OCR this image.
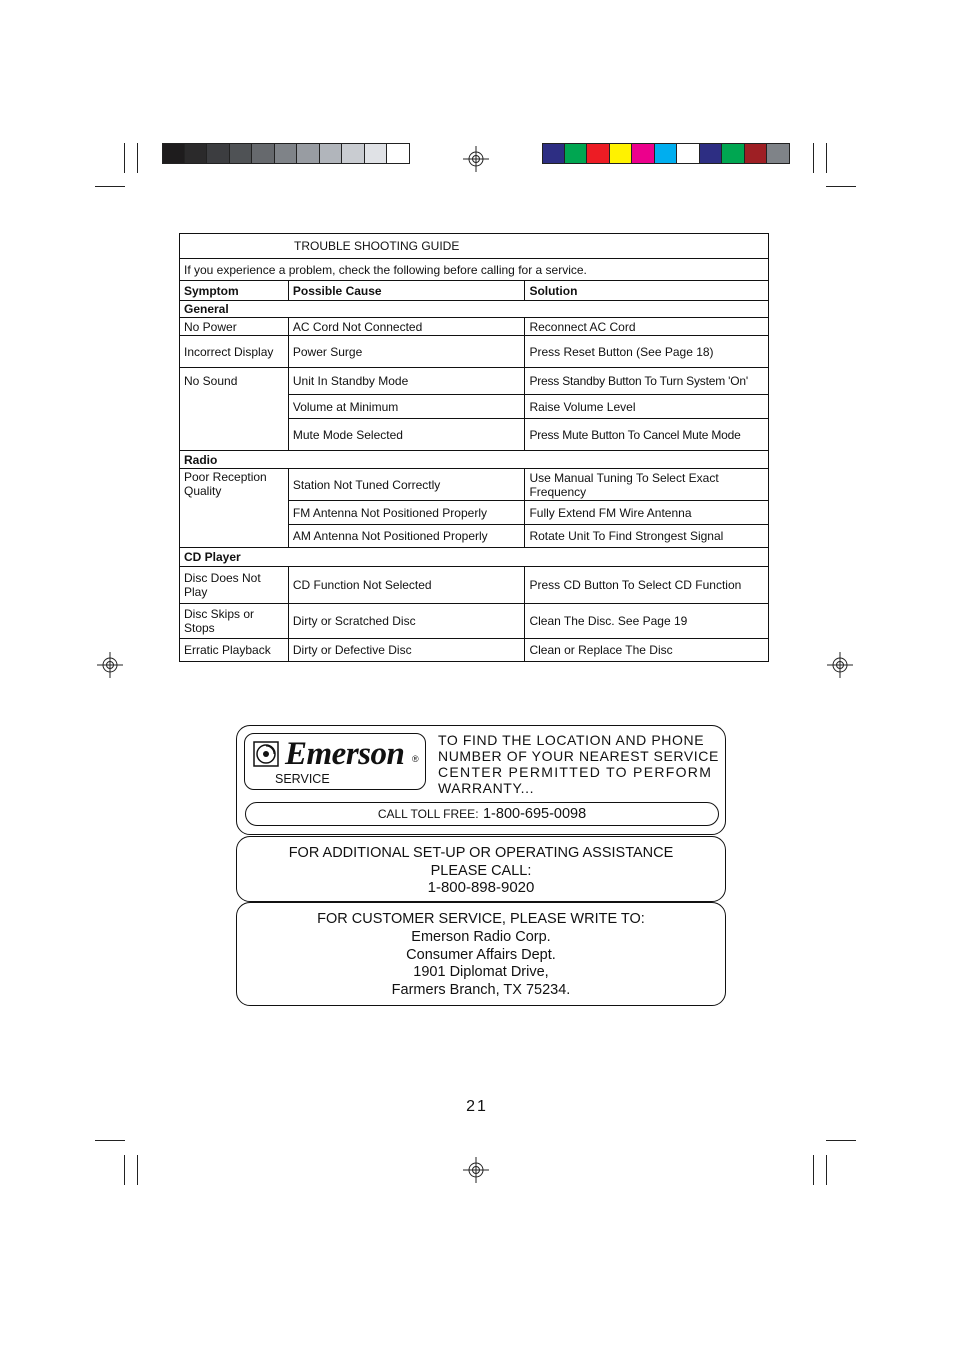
TROUBLE SHOOTING GUIDE		
If you experience a problem, check the following before calling for a service.		
Symptom	Possible Cause	Solution
General		
No Power	AC Cord Not Connected	Reconnect AC Cord
Incorrect Display	Power Surge	Press Reset Button (See Page 18)
No Sound	Unit In Standby Mode	Press Standby Button To Turn System 'On'
	Volume at Minimum	Raise Volume Level
	Mute Mode Selected	Press Mute Button To Cancel Mute Mode
Radio		
Poor Reception Quality	Station Not Tuned Correctly	Use Manual Tuning To Select Exact Frequency
	FM Antenna Not Positioned Properly	Fully Extend FM Wire Antenna
	AM Antenna Not Positioned Properly	Rotate Unit To Find Strongest Signal
CD Player		
Disc Does Not Play	CD Function Not Selected	Press CD Button To Select CD Function
Disc Skips or Stops	Dirty or Scratched Disc	Clean The Disc. See Page 19
Erratic Playback	Dirty or Defective Disc	Clean or Replace The Disc
Emerson ®
SERVICE
TO FIND THE LOCATION AND PHONE
NUMBER OF YOUR NEAREST SERVICE
CENTER PERMITTED TO PERFORM
WARRANTY...
CALL TOLL FREE: 1-800-695-0098
FOR ADDITIONAL SET-UP OR OPERATING ASSISTANCE
PLEASE CALL:
1-800-898-9020
FOR CUSTOMER SERVICE, PLEASE WRITE TO:
Emerson Radio Corp.
Consumer Affairs Dept.
1901 Diplomat Drive,
Farmers Branch, TX 75234.
21
